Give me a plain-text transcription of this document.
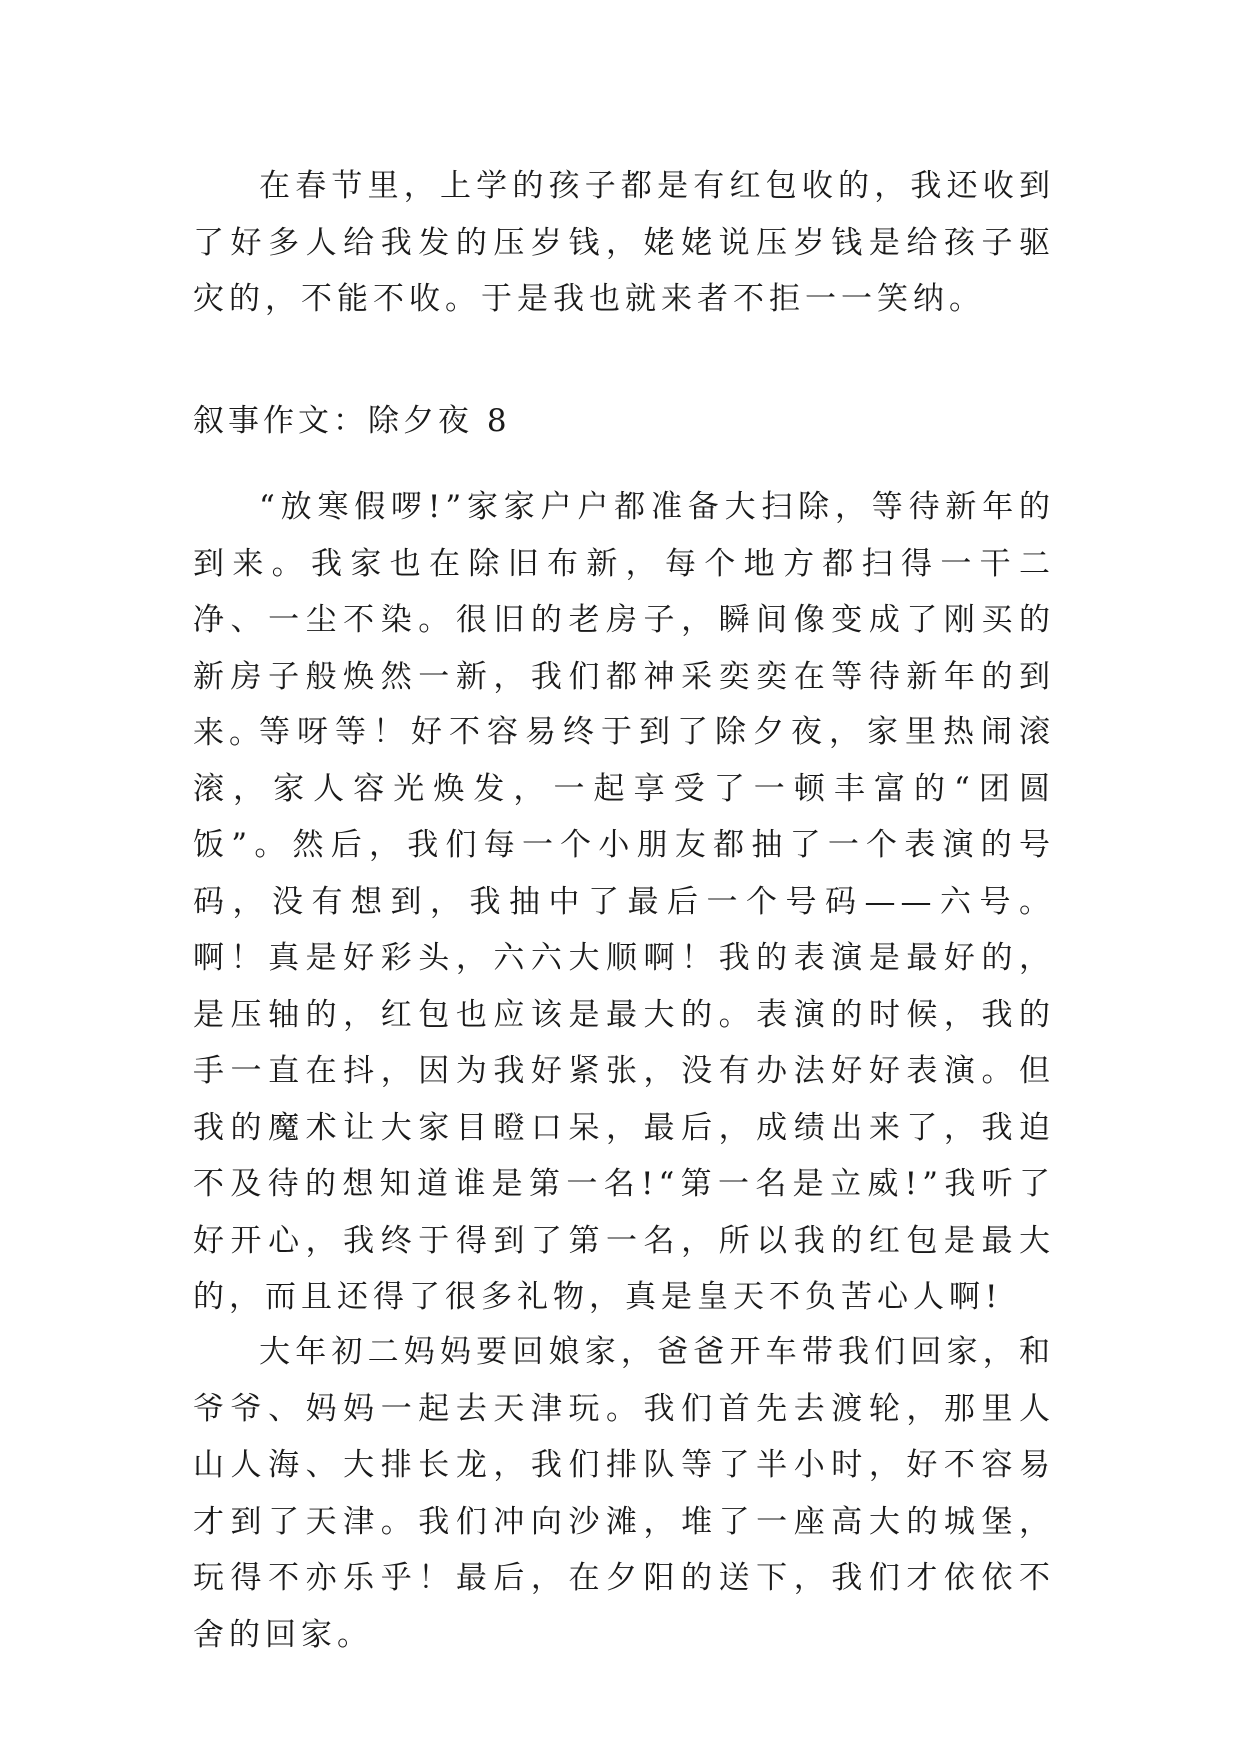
在春节里，上学的孩子都是有红包收的，我还收到了好多人给我发的压岁钱，姥姥说压岁钱是给孩子驱灾的，不能不收。于是我也就来者不拒一一笑纳。

叙事作文：除夕夜 8

“放寒假啰!”家家户户都准备大扫除，等待新年的到来。我家也在除旧布新，每个地方都扫得一干二净、一尘不染。很旧的老房子，瞬间像变成了刚买的新房子般焕然一新，我们都神采奕奕在等待新年的到来。

等呀等！好不容易终于到了除夕夜，家里热闹滚滚，家人容光焕发，一起享受了一顿丰富的“团圆饭”。然后，我们每一个小朋友都抽了一个表演的号码，没有想到，我抽中了最后一个号码——六号。啊！真是好彩头，六六大顺啊！我的表演是最好的，是压轴的，红包也应该是最大的。表演的时候，我的手一直在抖，因为我好紧张，没有办法好好表演。但我的魔术让大家目瞪口呆，最后，成绩出来了，我迫不及待的想知道谁是第一名!“第一名是立威!”我听了好开心，我终于得到了第一名，所以我的红包是最大的，而且还得了很多礼物，真是皇天不负苦心人啊!

大年初二妈妈要回娘家，爸爸开车带我们回家，和爷爷、妈妈一起去天津玩。我们首先去渡轮，那里人山人海、大排长龙，我们排队等了半小时，好不容易才到了天津。我们冲向沙滩，堆了一座高大的城堡，玩得不亦乐乎！最后，在夕阳的送下，我们才依依不舍的回家。
